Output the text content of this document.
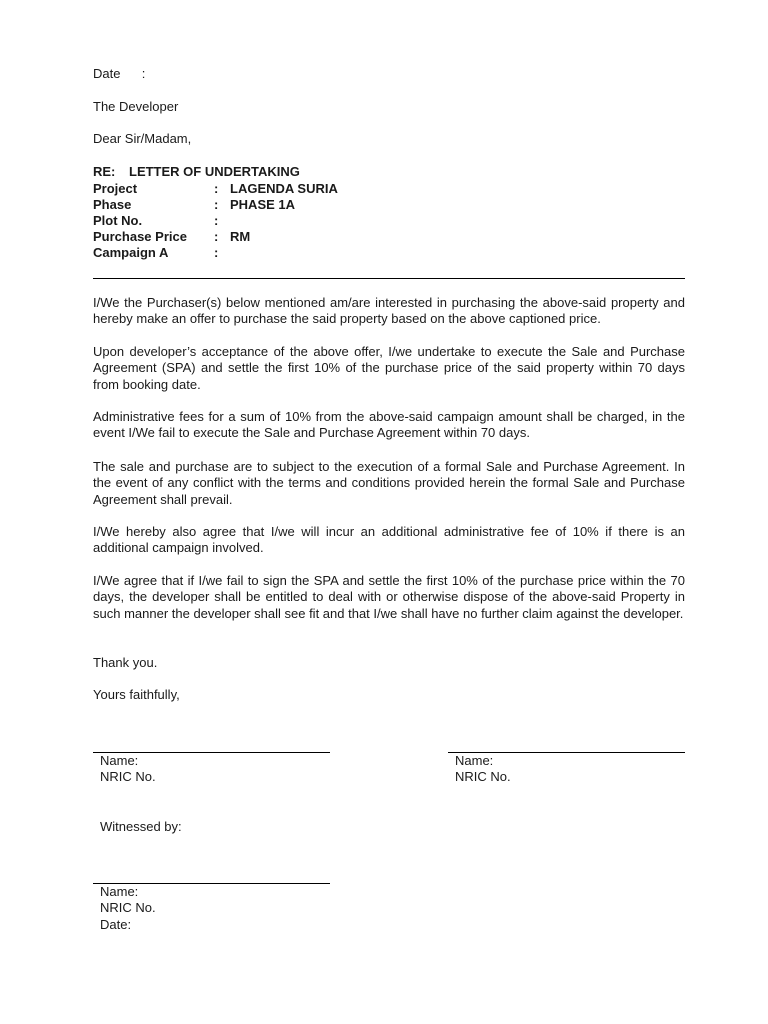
Date :
The Developer
Dear Sir/Madam,
RE: LETTER OF UNDERTAKING
Project	: LAGENDA SURIA
Phase	: PHASE 1A
Plot No.	:
Purchase Price : RM
Campaign A	:
I/We the Purchaser(s) below mentioned am/are interested in purchasing the above-said property and hereby make an offer to purchase the said property based on the above captioned price.
Upon developer’s acceptance of the above offer, I/we undertake to execute the Sale and Purchase Agreement (SPA) and settle the first 10% of the purchase price of the said property within 70 days from booking date.
Administrative fees for a sum of 10% from the above-said campaign amount shall be charged, in the event I/We fail to execute the Sale and Purchase Agreement within 70 days.
The sale and purchase are to subject to the execution of a formal Sale and Purchase Agreement. In the event of any conflict with the terms and conditions provided herein the formal Sale and Purchase Agreement shall prevail.
I/We hereby also agree that I/we will incur an additional administrative fee of 10% if there is an additional campaign involved.
I/We agree that if I/we fail to sign the SPA and settle the first 10% of the purchase price within the 70 days, the developer shall be entitled to deal with or otherwise dispose of the above-said Property in such manner the developer shall see fit and that I/we shall have no further claim against the developer.
Thank you.
Yours faithfully,
Name:
NRIC No.
Name:
NRIC No.
Witnessed by:
Name:
NRIC No.
Date:
